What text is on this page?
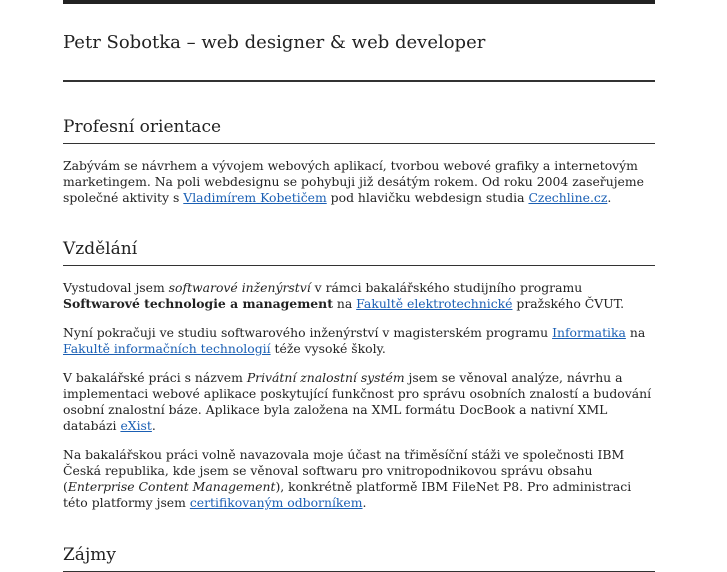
Petr Sobotka – web designer & web developer
Profesní orientace

Zabývám se návrhem a vývojem webových aplikací, tvorbou webové grafiky a internetovým marketingem. Na poli webdesignu se pohybuji již desátým rokem. Od roku 2004 zaseřujeme společné aktivity s Vladimírem Kobetičem pod hlavičku webdesign studia Czechline.cz.

Vzdělání

Vystudoval jsem softwarové inženýrství v rámci bakalářského studijního programu Softwarové technologie a management na Fakultě elektrotechnické pražského ČVUT.

Nyní pokračuji ve studiu softwarového inženýrství v magisterském programu Informatika na Fakultě informačních technologií téže vysoké školy.

V bakalářské práci s názvem Privátní znalostní systém jsem se věnoval analýze, návrhu a implementaci webové aplikace poskytující funkčnost pro správu osobních znalostí a budování osobní znalostní báze. Aplikace byla založena na XML formátu DocBook a nativní XML databázi eXist.

Na bakalářskou práci volně navazovala moje účast na třiměsíční stáži ve společnosti IBM Česká republika, kde jsem se věnoval softwaru pro vnitropodnikovou správu obsahu (Enterprise Content Management), konkrétně platformě IBM FileNet P8. Pro administraci této platformy jsem certifikovaným odborníkem.

Zájmy
